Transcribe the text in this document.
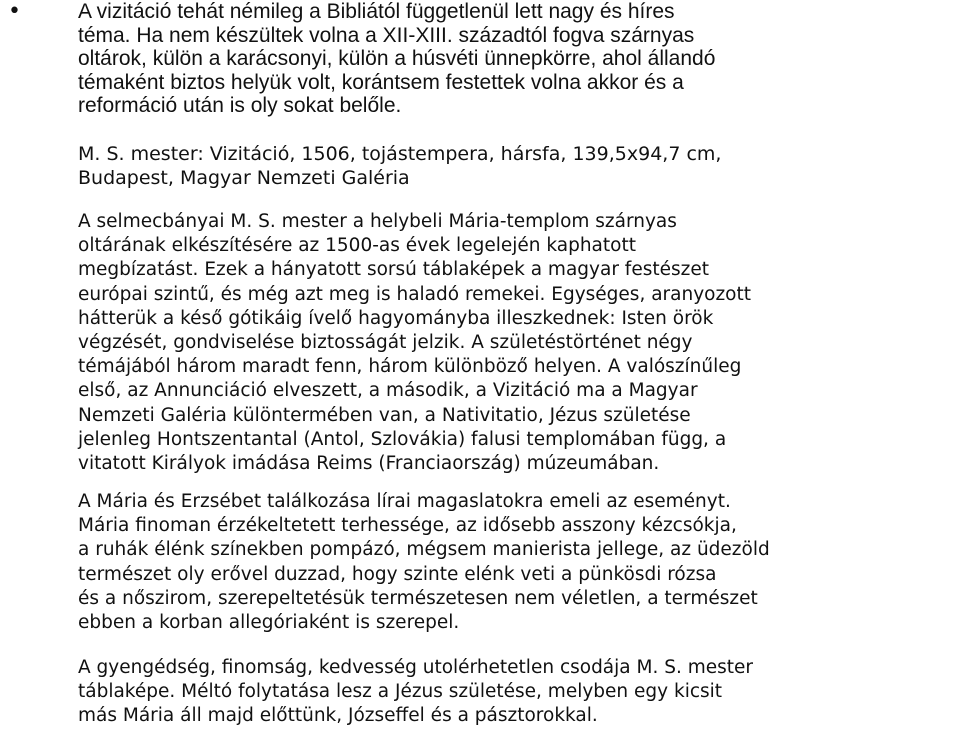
•	A vizitáció tehát némileg a Bibliától függetlenül lett nagy és híres
téma. Ha nem készültek volna a XII-XIII. századtól fogva szárnyas
oltárok, külön a karácsonyi, külön a húsvéti ünnepkörre, ahol állandó
témaként biztos helyük volt, korántsem festettek volna akkor és a
reformáció után is oly sokat belőle.

M. S. mester: Vizitáció, 1506, tojástempera, hársfa, 139,5x94,7 cm,
Budapest, Magyar Nemzeti Galéria

A selmecbányai M. S. mester a helybeli Mária-templom szárnyas
oltárának elkészítésére az 1500-as évek legelején kaphatott
megbízatást. Ezek a hányatott sorsú táblaképek a magyar festészet
európai szintű, és még azt meg is haladó remekei. Egységes, aranyozott
hátterük a késő gótikáig ívelő hagyományba illeszkednek: Isten örök
végzését, gondviselése biztosságát jelzik. A születéstörténet négy
témájából három maradt fenn, három különböző helyen. A valószínűleg
első, az Annunciáció elveszett, a második, a Vizitáció ma a Magyar
Nemzeti Galéria különtermében van, a Nativitatio, Jézus születése
jelenleg Hontszentantal (Antol, Szlovákia) falusi templomában függ, a
vitatott Királyok imádása Reims (Franciaország) múzeumában.

A Mária és Erzsébet találkozása lírai magaslatokra emeli az eseményt.
Mária finoman érzékeltetett terhessége, az idősebb asszony kézcsókja,
a ruhák élénk színekben pompázó, mégsem manierista jellege, az üdezöld
természet oly erővel duzzad, hogy szinte elénk veti a pünkösdi rózsa
és a nőszirom, szerepeltetésük természetesen nem véletlen, a természet
ebben a korban allegóriaként is szerepel.

A gyengédség, finomság, kedvesség utolérhetetlen csodája M. S. mester
táblaképe. Méltó folytatása lesz a Jézus születése, melyben egy kicsit
más Mária áll majd előttünk, Józseffel és a pásztorokkal.
